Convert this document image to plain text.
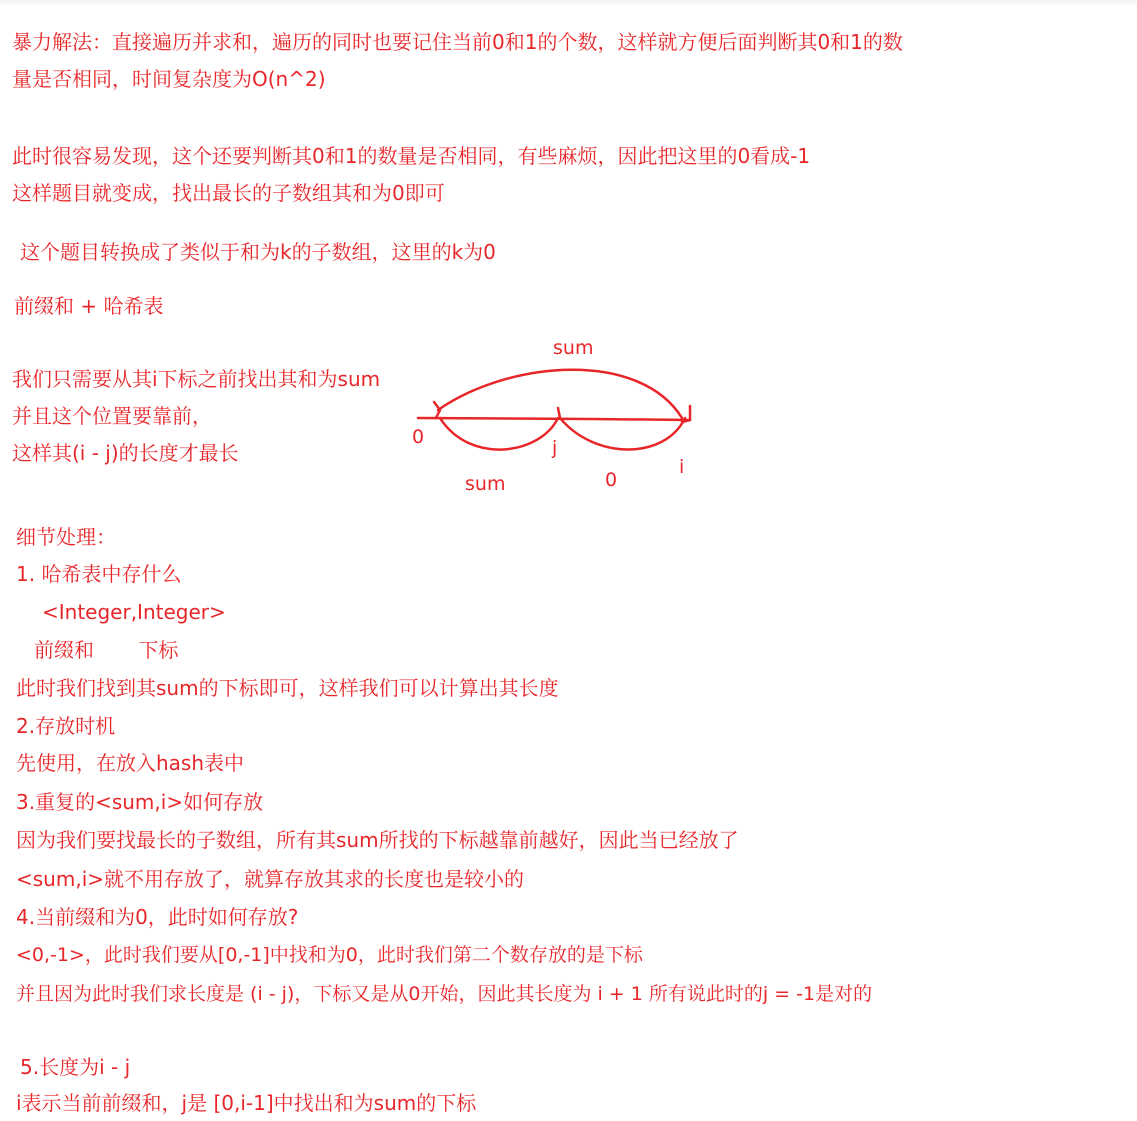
暴力解法：直接遍历并求和，遍历的同时也要记住当前0和1的个数，这样就方便后面判断其0和1的数
量是否相同，时间复杂度为O(n^2)
此时很容易发现，这个还要判断其0和1的数量是否相同，有些麻烦，因此把这里的0看成-1
这样题目就变成，找出最长的子数组其和为0即可
这个题目转换成了类似于和为k的子数组，这里的k为0
前缀和 + 哈希表
我们只需要从其i下标之前找出其和为sum
并且这个位置要靠前，
这样其(i - j)的长度才最长
sum
0	j
i
sum	0
细节处理：
1. 哈希表中存什么
<Integer,Integer>
前缀和       下标
此时我们找到其sum的下标即可，这样我们可以计算出其长度
2.存放时机
先使用，在放入hash表中
3.重复的<sum,i>如何存放
因为我们要找最长的子数组，所有其sum所找的下标越靠前越好，因此当已经放了
<sum,i>就不用存放了，就算存放其求的长度也是较小的
4.当前缀和为0，此时如何存放?
<0,-1>，此时我们要从[0,-1]中找和为0，此时我们第二个数存放的是下标
并且因为此时我们求长度是 (i - j)，下标又是从0开始，因此其长度为 i + 1 所有说此时的j = -1是对的
5.长度为i - j
i表示当前前缀和，j是 [0,i-1]中找出和为sum的下标
